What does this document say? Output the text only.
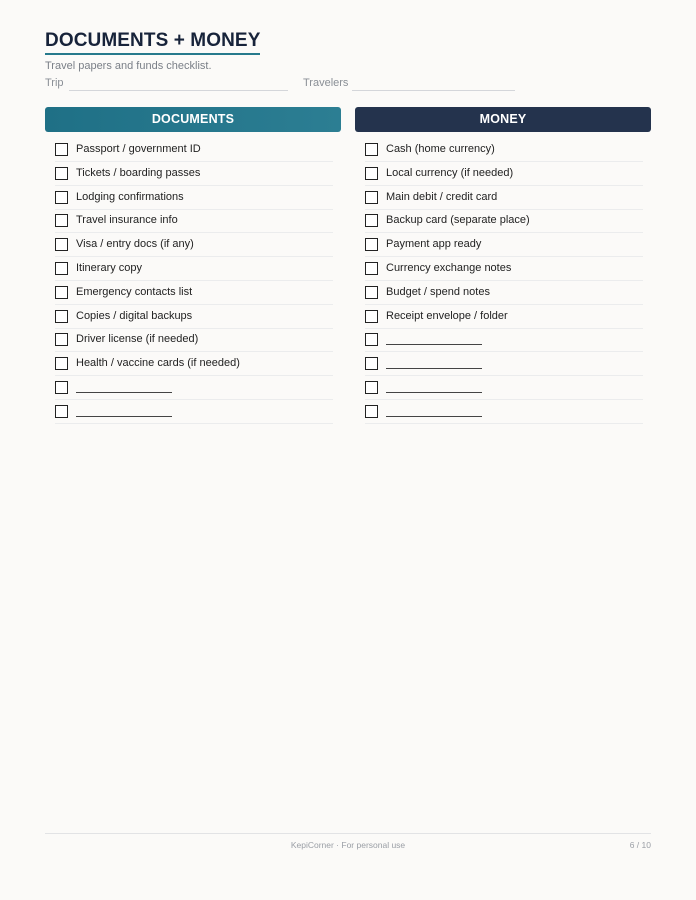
DOCUMENTS + MONEY
Travel papers and funds checklist.
Trip	Travelers
DOCUMENTS
Passport / government ID
Tickets / boarding passes
Lodging confirmations
Travel insurance info
Visa / entry docs (if any)
Itinerary copy
Emergency contacts list
Copies / digital backups
Driver license (if needed)
Health / vaccine cards (if needed)
MONEY
Cash (home currency)
Local currency (if needed)
Main debit / credit card
Backup card (separate place)
Payment app ready
Currency exchange notes
Budget / spend notes
Receipt envelope / folder
KepiCorner · For personal use	6 / 10
